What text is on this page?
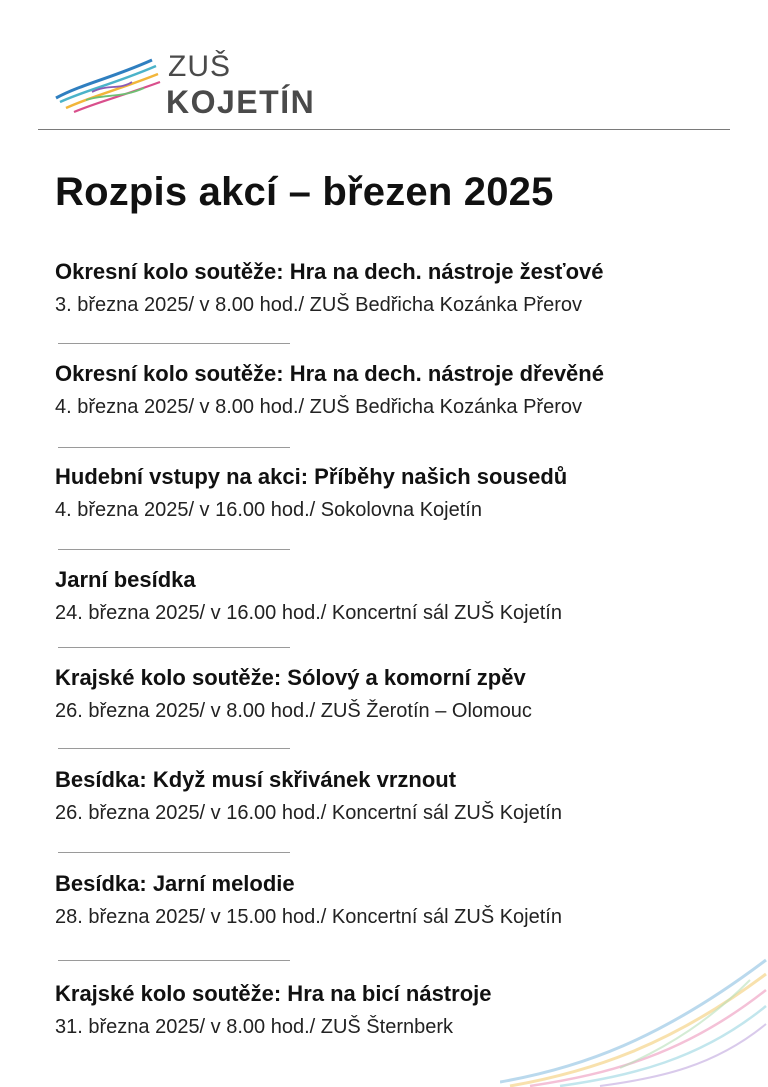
ZUŠ
KOJETÍN
Rozpis akcí – březen 2025
Okresní kolo soutěže: Hra na dech. nástroje žesťové
3. března 2025/ v 8.00 hod./ ZUŠ Bedřicha Kozánka Přerov
Okresní kolo soutěže: Hra na dech. nástroje dřevěné
4. března 2025/ v 8.00 hod./ ZUŠ Bedřicha Kozánka Přerov
Hudební vstupy na akci: Příběhy našich sousedů
4. března 2025/ v 16.00 hod./ Sokolovna Kojetín
Jarní besídka
24. března 2025/ v 16.00 hod./ Koncertní sál ZUŠ Kojetín
Krajské kolo soutěže: Sólový a komorní zpěv
26. března 2025/ v 8.00 hod./ ZUŠ Žerotín – Olomouc
Besídka: Když musí skřivánek vrznout
26. března 2025/ v 16.00 hod./ Koncertní sál ZUŠ Kojetín
Besídka: Jarní melodie
28. března 2025/ v 15.00 hod./ Koncertní sál ZUŠ Kojetín
Krajské kolo soutěže: Hra na bicí nástroje
31. března 2025/ v 8.00 hod./ ZUŠ Šternberk
